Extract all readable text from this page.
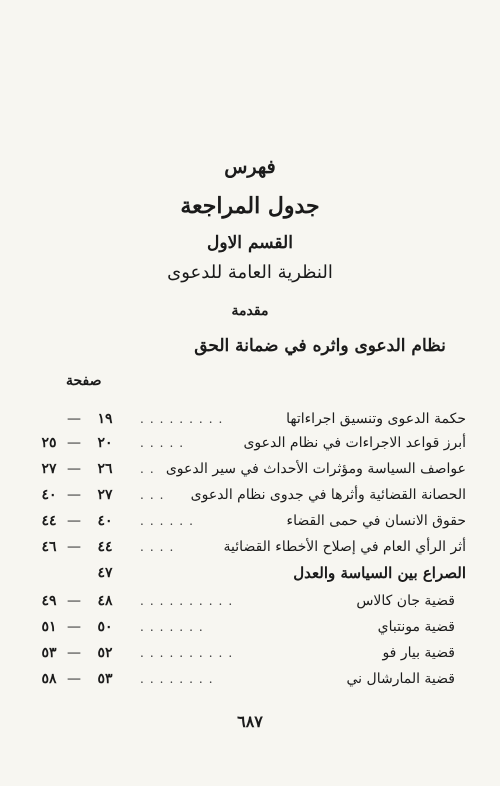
فهرس
جدول المراجعة
القسم الاول
النظرية العامة للدعوى
مقدمة
نظام الدعوى واثره في ضمانة الحق
صفحة
حكمة الدعوى وتنسيق اجراءاتها
.........
١٩
—
أبرز قواعد الاجراءات في نظام الدعوى
.....
٢٠
—
٢٥
عواصف السياسة ومؤثرات الأحداث في سير الدعوى
..
٢٦
—
٢٧
الحصانة القضائية وأثرها في جدوى نظام الدعوى
...
٢٧
—
٤٠
حقوق الانسان في حمى القضاء
......
٤٠
—
٤٤
أثر الرأي العام في إصلاح الأخطاء القضائية
....
٤٤
—
٤٦
الصراع بين السياسة والعدل
٤٧
قضية جان كالاس
..........
٤٨
—
٤٩
قضية مونتباي
.......
٥٠
—
٥١
قضية بيار فو
..........
٥٢
—
٥٣
قضية المارشال ني
........
٥٣
—
٥٨
٦٨٧
